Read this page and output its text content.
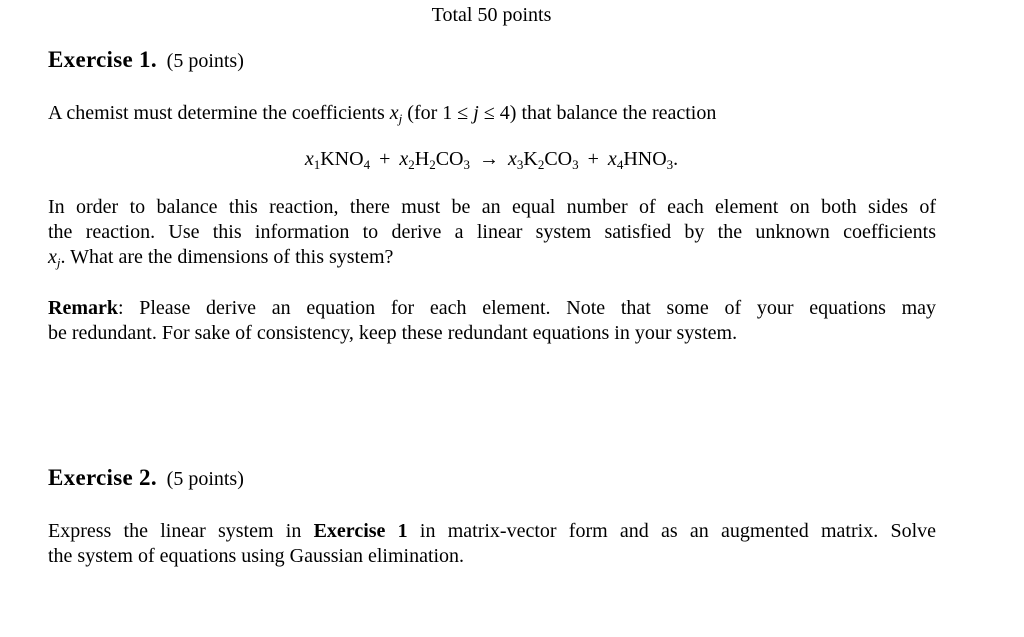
Total 50 points
Exercise 1. (5 points)
A chemist must determine the coefficients $x_j$ (for 1 ≤ j ≤ 4) that balance the reaction
$x_1KNO_4 + x_2H_2CO_3 \to x_3K_2CO_3 + x_4HNO_3$.
In order to balance this reaction, there must be an equal number of each element on both sides of
the reaction. Use this information to derive a linear system satisfied by the unknown coefficients
$x_j$. What are the dimensions of this system?
Remark: Please derive an equation for each element. Note that some of your equations may
be redundant. For sake of consistency, keep these redundant equations in your system.
Exercise 2. (5 points)
Express the linear system in Exercise 1 in matrix-vector form and as an augmented matrix. Solve
the system of equations using Gaussian elimination.
